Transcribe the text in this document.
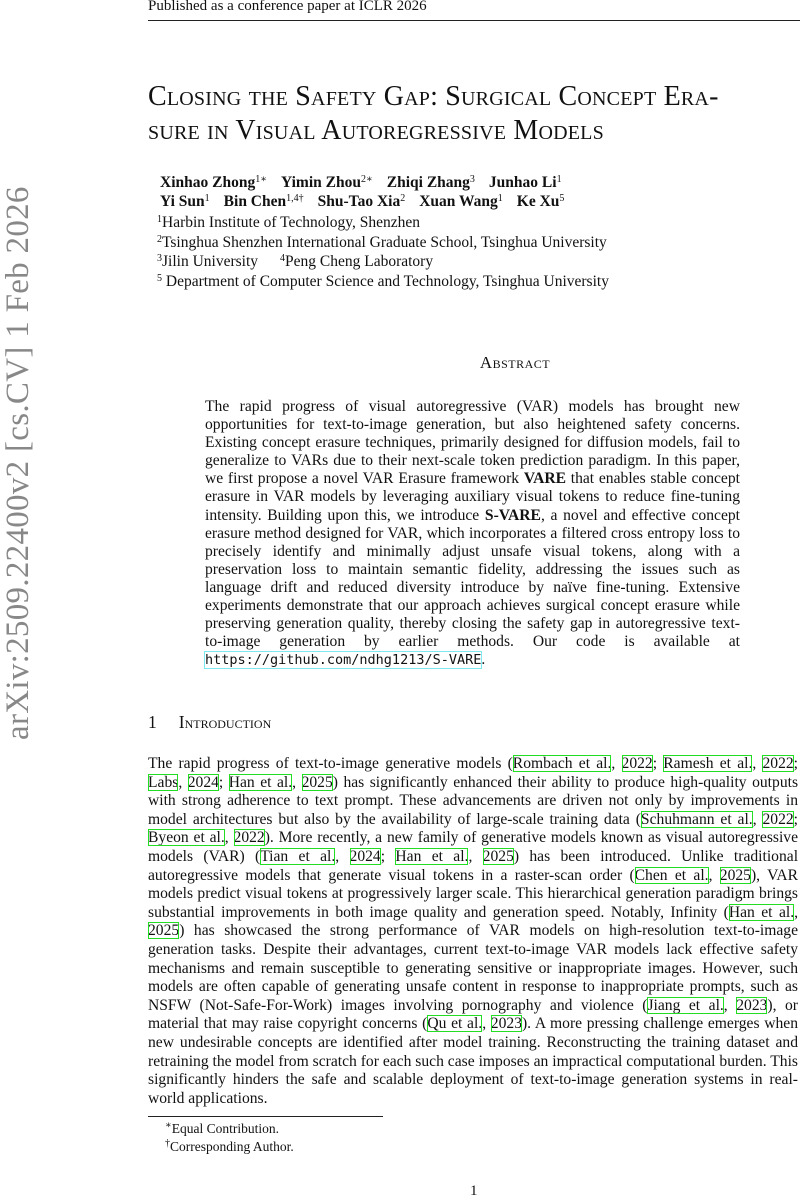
Published as a conference paper at ICLR 2026
arXiv:2509.22400v2 [cs.CV] 1 Feb 2026
Closing the Safety Gap: Surgical Concept Era-
sure in Visual Autoregressive Models
Xinhao Zhong$^{1∗}$ Yimin Zhou$^{2∗}$ Zhiqi Zhang$^3$ Junhao Li$^1$
Yi Sun$^1$ Bin Chen$^{1,4\dagger}$ Shu-Tao Xia$^2$ Xuan Wang$^1$ Ke Xu$^5$
$^1$Harbin Institute of Technology, Shenzhen
$^2$Tsinghua Shenzhen International Graduate School, Tsinghua University
$^3$Jilin University $^4$Peng Cheng Laboratory
$^5$ Department of Computer Science and Technology, Tsinghua University
Abstract
The rapid progress of visual autoregressive (VAR) models has brought new opportunities for text-to-image generation, but also heightened safety concerns. Existing concept erasure techniques, primarily designed for diffusion models, fail to generalize to VARs due to their next-scale token prediction paradigm. In this paper, we first propose a novel VAR Erasure framework VARE that enables stable concept erasure in VAR models by leveraging auxiliary visual tokens to reduce fine-tuning intensity. Building upon this, we introduce S-VARE, a novel and effective concept erasure method designed for VAR, which incorporates a filtered cross entropy loss to precisely identify and minimally adjust unsafe visual tokens, along with a preservation loss to maintain semantic fidelity, addressing the issues such as language drift and reduced diversity introduce by naïve fine-tuning. Extensive experiments demonstrate that our approach achieves surgical concept erasure while preserving generation quality, thereby closing the safety gap in autoregressive text-to-image generation by earlier methods. Our code is available at https://github.com/ndhg1213/S-VARE.
1 Introduction
The rapid progress of text-to-image generative models (Rombach et al., 2022; Ramesh et al., 2022; Labs, 2024; Han et al., 2025) has significantly enhanced their ability to produce high-quality outputs with strong adherence to text prompt. These advancements are driven not only by improvements in model architectures but also by the availability of large-scale training data (Schuhmann et al., 2022; Byeon et al., 2022). More recently, a new family of generative models known as visual autoregressive models (VAR) (Tian et al., 2024; Han et al., 2025) has been introduced. Unlike traditional autoregressive models that generate visual tokens in a raster-scan order (Chen et al., 2025), VAR models predict visual tokens at progressively larger scale. This hierarchical generation paradigm brings substantial improvements in both image quality and generation speed. Notably, Infinity (Han et al., 2025) has showcased the strong performance of VAR models on high-resolution text-to-image generation tasks. Despite their advantages, current text-to-image VAR models lack effective safety mechanisms and remain susceptible to generating sensitive or inappropriate images. However, such models are often capable of generating unsafe content in response to inappropriate prompts, such as NSFW (Not-Safe-For-Work) images involving pornography and violence (Jiang et al., 2023), or material that may raise copyright concerns (Qu et al., 2023). A more pressing challenge emerges when new undesirable concepts are identified after model training. Reconstructing the training dataset and retraining the model from scratch for each such case imposes an impractical computational burden. This significantly hinders the safe and scalable deployment of text-to-image generation systems in real-world applications.
∗Equal Contribution.
†Corresponding Author.
1
